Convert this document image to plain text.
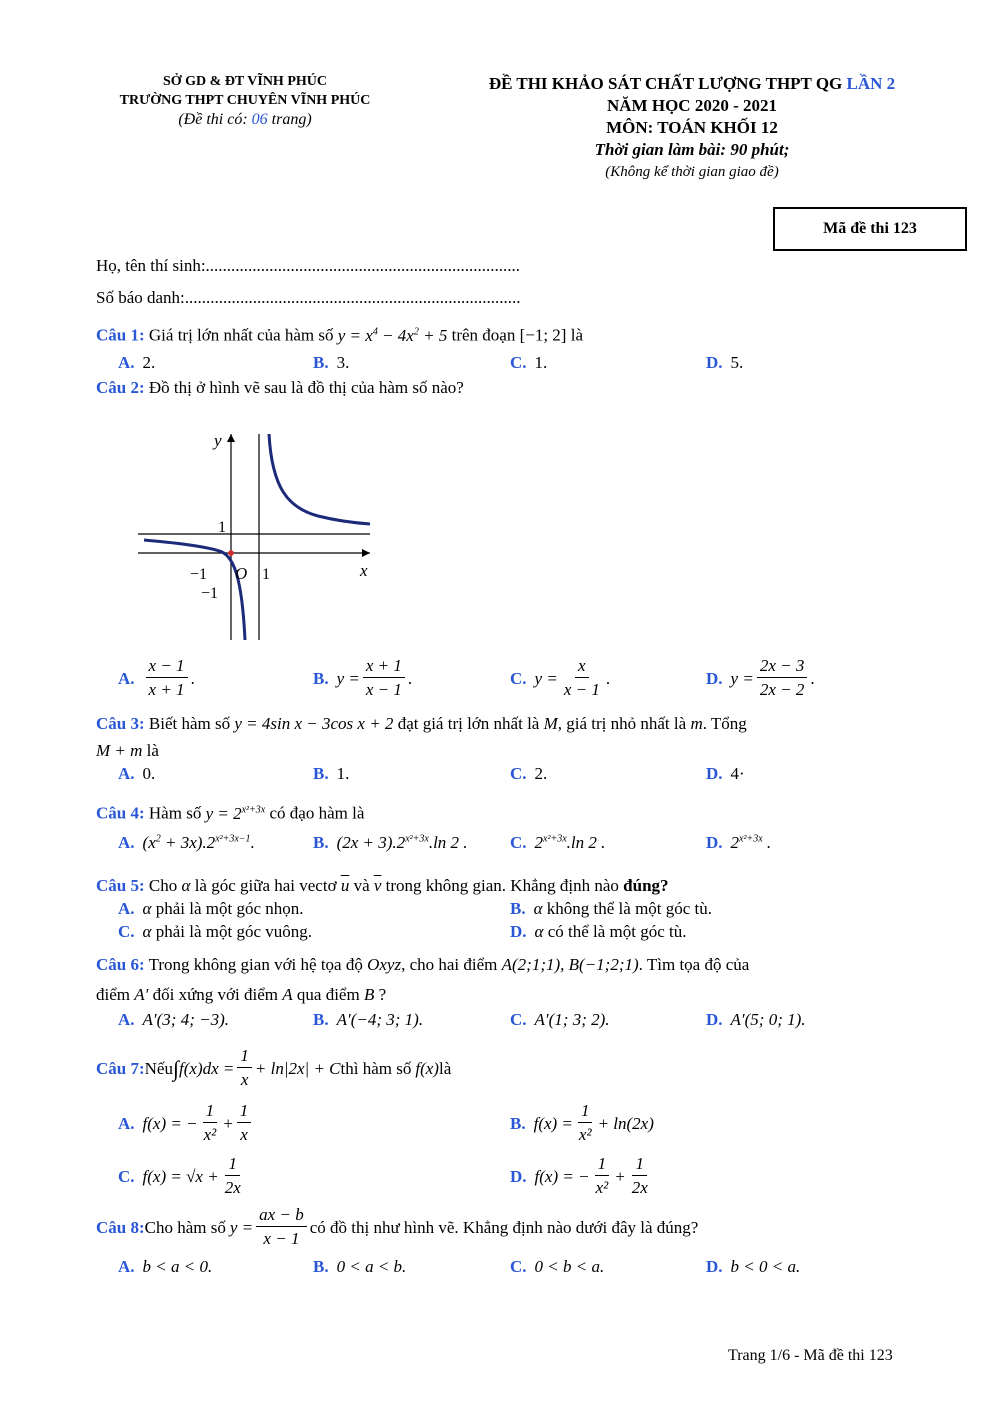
SỞ GD & ĐT VĨNH PHÚC
TRƯỜNG THPT CHUYÊN VĨNH PHÚC
(Đề thi có: 06 trang)
ĐỀ THI KHẢO SÁT CHẤT LƯỢNG THPT QG LẦN 2
NĂM HỌC 2020 - 2021
MÔN: TOÁN KHỐI 12
Thời gian làm bài: 90 phút;
(Không kể thời gian giao đề)
Mã đề thi 123
Họ, tên thí sinh:..........................................................................
Số báo danh:...............................................................................
Câu 1: Giá trị lớn nhất của hàm số $y = x^4 - 4x^2 + 5$ trên đoạn [−1; 2] là
A. 2.	B. 3.	C. 1.	D. 5.
Câu 2: Đồ thị ở hình vẽ sau là đồ thị của hàm số nào?
y
x
O
1
−1	1
−1
A. $\frac{x - 1}{x + 1}$ .	B. $y = \frac{x + 1}{x - 1}$ .	C. $y = \frac{x}{x - 1}$ .	D. $y = \frac{2x - 3}{2x - 2}$ .
Câu 3: Biết hàm số y = 4sin x − 3cos x + 2 đạt giá trị lớn nhất là M, giá trị nhỏ nhất là m. Tổng
M + m là
A. 0.	B. 1.	C. 2.	D. 4·
Câu 4: Hàm số $y = 2^{x^2+3x}$ có đạo hàm là
A. $(x^2 + 3x).2^{x^2+3x-1}$.	B. $(2x + 3).2^{x^2+3x}.\ln$ 2 . C. $2^{x^2+3x}.\ln$ 2 .	D. $2^{x^2+3x}$ .
Câu 5: Cho α là góc giữa hai vectơ $\overline{u}$ và $\overline{v}$ trong không gian. Khẳng định nào đúng?
A. α phải là một góc nhọn.	B. α không thể là một góc tù.
C. α phải là một góc vuông.	D. α có thể là một góc tù.
Câu 6: Trong không gian với hệ tọa độ Oxyz, cho hai điểm A(2;1;1), B(−1;2;1). Tìm tọa độ của
điểm A′ đối xứng với điểm A qua điểm B ?
A. A′(3; 4; −3).	B. A′(−4; 3; 1).	C. A′(1; 3; 2).	D. A′(5; 0; 1).
Câu 7: Nếu ∫ $f(x)dx = \frac{1}{x} + \ln|2x| + C$ thì hàm số f(x) là
A. f(x) = − $\frac{1}{\text{x²}} + \frac{1}{x}$	B. $f(x) = \frac{1}{\text{x²}} + \ln(2x)$
C. $f(x) = √x + \frac{1}{2x}$	D. f(x) = − $\frac{1}{\text{x²}} + \frac{1}{2x}$
Câu 8: Cho hàm số $y = \frac{ax - b}{x - 1}$ có đồ thị như hình vẽ. Khẳng định nào dưới đây là đúng?
A. b < a < 0.	B. 0 < a < b.	C. 0 < b < a.	D. b < 0 < a.
Trang 1/6 - Mã đề thi 123
